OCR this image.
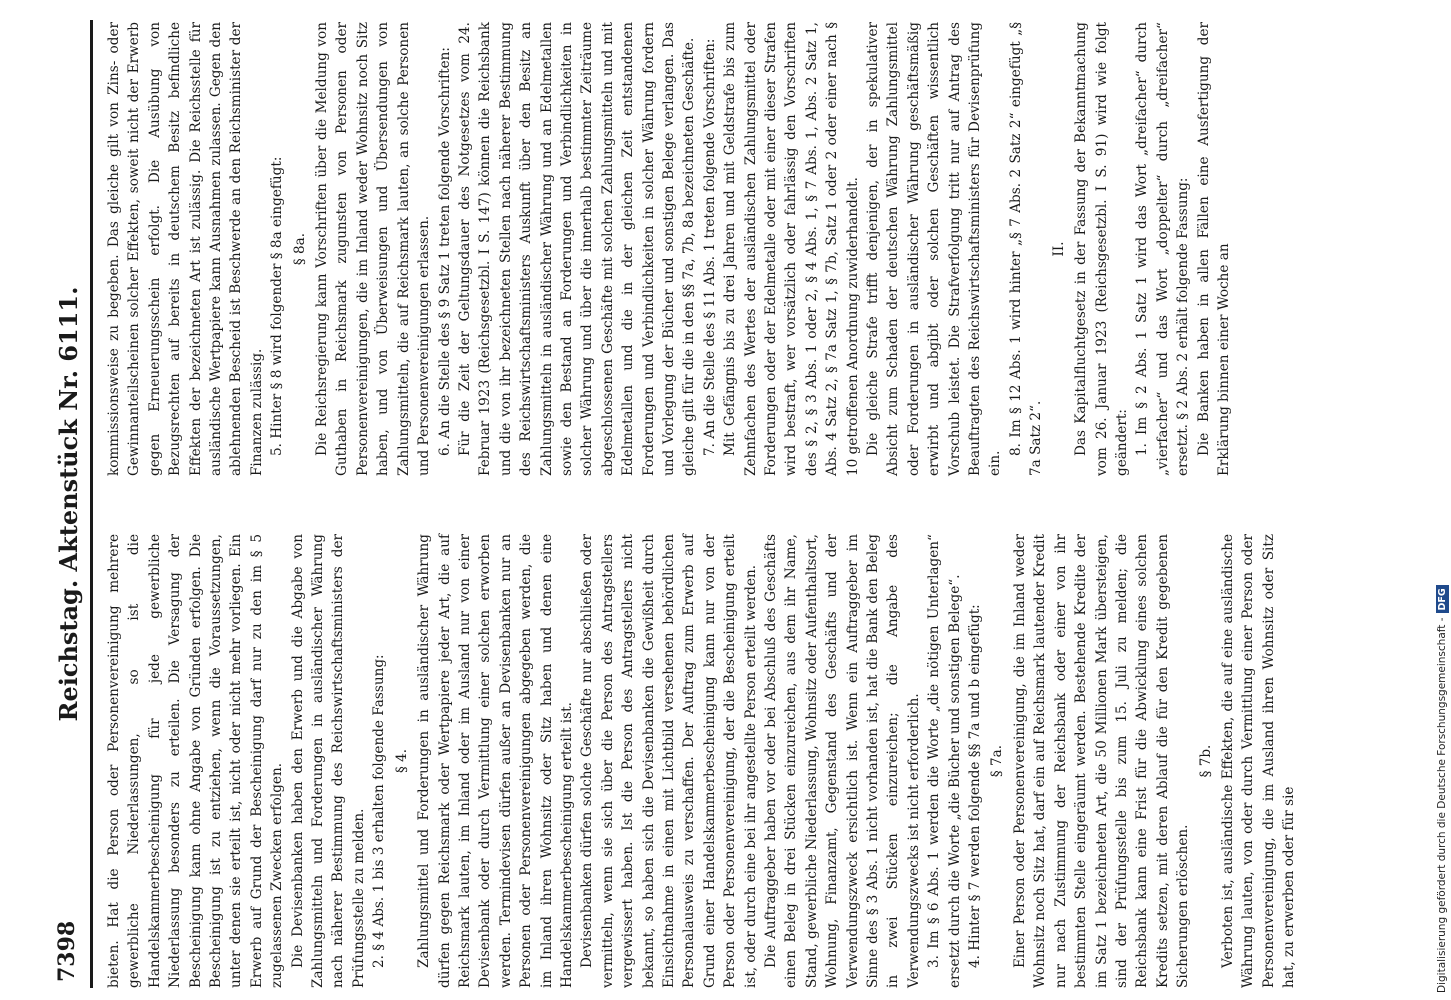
7398
Reichstag. Aktenstück Nr. 6111.

bieten. Hat die Person oder Personenvereinigung mehrere gewerbliche Niederlassungen, so ist die Handelskammerbescheinigung für jede gewerbliche Niederlassung besonders zu erteilen. Die Versagung der Bescheinigung kann ohne Angabe von Gründen erfolgen. Die Bescheinigung ist zu entziehen, wenn die Voraussetzungen, unter denen sie erteilt ist, nicht oder nicht mehr vorliegen. Ein Erwerb auf Grund der Bescheinigung darf nur zu den im § 5 zugelassenen Zwecken erfolgen. Die Devisenbanken haben den Erwerb und die Abgabe von Zahlungsmitteln und Forderungen in ausländischer Währung nach näherer Bestimmung des Reichswirtschaftsministers der Prüfungsstelle zu melden. 2. § 4 Abs. 1 bis 3 erhalten folgende Fassung: § 4. Zahlungsmittel und Forderungen in ausländischer Währung dürfen gegen Reichsmark oder Wertpapiere jeder Art, die auf Reichsmark lauten, im Inland oder im Ausland nur von einer Devisenbank oder durch Vermittlung einer solchen erworben werden. Termindevisen dürfen außer an Devisenbanken nur an Personen oder Personenvereinigungen abgegeben werden, die im Inland ihren Wohnsitz oder Sitz haben und denen eine Handelskammerbescheinigung erteilt ist. Devisenbanken dürfen solche Geschäfte nur abschließen oder vermitteln, wenn sie sich über die Person des Antragstellers vergewissert haben. Ist die Person des Antragstellers nicht bekannt, so haben sich die Devisenbanken die Gewißheit durch Einsichtnahme in einen mit Lichtbild versehenen behördlichen Personalausweis zu verschaffen. Der Auftrag zum Erwerb auf Grund einer Handelskammerbescheinigung kann nur von der Person oder Personenvereinigung, der die Bescheinigung erteilt ist, oder durch eine bei ihr angestellte Person erteilt werden. Die Auftraggeber haben vor oder bei Abschluß des Geschäfts einen Beleg in drei Stücken einzureichen, aus dem ihr Name, Stand, gewerbliche Niederlassung, Wohnsitz oder Aufenthaltsort, Wohnung, Finanzamt, Gegenstand des Geschäfts und der Verwendungszweck ersichtlich ist. Wenn ein Auftraggeber im Sinne des § 3 Abs. 1 nicht vorhanden ist, hat die Bank den Beleg in zwei Stücken einzureichen; die Angabe des Verwendungszwecks ist nicht erforderlich. 3. Im § 6 Abs. 1 werden die Worte „die nötigen Unterlagen“ ersetzt durch die Worte „die Bücher und sonstigen Belege“. 4. Hinter § 7 werden folgende §§ 7a und b eingefügt: § 7a. Einer Person oder Personenvereinigung, die im Inland weder Wohnsitz noch Sitz hat, darf ein auf Reichsmark lautender Kredit nur nach Zustimmung der Reichsbank oder einer von ihr bestimmten Stelle eingeräumt werden. Bestehende Kredite der im Satz 1 bezeichneten Art, die 50 Millionen Mark übersteigen, sind der Prüfungsstelle bis zum 15. Juli zu melden; die Reichsbank kann eine Frist für die Abwicklung eines solchen Kredits setzen, mit deren Ablauf die für den Kredit gegebenen Sicherungen erlöschen.

§ 7b. Verboten ist, ausländische Effekten, die auf eine ausländische Währung lauten, von oder durch Vermittlung einer Person oder Personenvereinigung, die im Ausland ihren Wohnsitz oder Sitz hat, zu erwerben oder für sie

kommissionsweise zu begeben. Das gleiche gilt von Zins- oder Gewinnanteilscheinen solcher Effekten, soweit nicht der Erwerb gegen Erneuerungsschein erfolgt. Die Ausübung von Bezugsrechten auf bereits in deutschem Besitz befindliche Effekten der bezeichneten Art ist zulässig. Die Reichsstelle für ausländische Wertpapiere kann Ausnahmen zulassen. Gegen den ablehnenden Bescheid ist Beschwerde an den Reichsminister der Finanzen zulässig. 5. Hinter § 8 wird folgender § 8a eingefügt: § 8a. Die Reichsregierung kann Vorschriften über die Meldung von Guthaben in Reichsmark zugunsten von Personen oder Personenvereinigungen, die im Inland weder Wohnsitz noch Sitz haben, und von Überweisungen und Übersendungen von Zahlungsmitteln, die auf Reichsmark lauten, an solche Personen und Personenvereinigungen erlassen. 6. An die Stelle des § 9 Satz 1 treten folgende Vorschriften: Für die Zeit der Geltungsdauer des Notgesetzes vom 24. Februar 1923 (Reichsgesetzbl. I S. 147) können die Reichsbank und die von ihr bezeichneten Stellen nach näherer Bestimmung des Reichswirtschaftsministers Auskunft über den Besitz an Zahlungsmitteln in ausländischer Währung und an Edelmetallen sowie den Bestand an Forderungen und Verbindlichkeiten in solcher Währung und über die innerhalb bestimmter Zeiträume abgeschlossenen Geschäfte mit solchen Zahlungsmitteln und mit Edelmetallen und die in der gleichen Zeit entstandenen Forderungen und Verbindlichkeiten in solcher Währung fordern und Vorlegung der Bücher und sonstigen Belege verlangen. Das gleiche gilt für die in den §§ 7a, 7b, 8a bezeichneten Geschäfte. 7. An die Stelle des § 11 Abs. 1 treten folgende Vorschriften: Mit Gefängnis bis zu drei Jahren und mit Geldstrafe bis zum Zehnfachen des Wertes der ausländischen Zahlungsmittel oder Forderungen oder der Edelmetalle oder mit einer dieser Strafen wird bestraft, wer vorsätzlich oder fahrlässig den Vorschriften des § 2, § 3 Abs. 1 oder 2, § 4 Abs. 1, § 7 Abs. 1, Abs. 2 Satz 1, Abs. 4 Satz 2, § 7a Satz 1, § 7b, Satz 1 oder 2 oder einer nach § 10 getroffenen Anordnung zuwiderhandelt. Die gleiche Strafe trifft denjenigen, der in spekulativer Absicht zum Schaden der deutschen Währung Zahlungsmittel oder Forderungen in ausländischer Währung geschäftsmäßig erwirbt und abgibt oder solchen Geschäften wissentlich Vorschub leistet. Die Strafverfolgung tritt nur auf Antrag des Beauftragten des Reichswirtschaftsministers für Devisenprüfung ein.

8. Im § 12 Abs. 1 wird hinter „§ 7 Abs. 2 Satz 2“ eingefügt „§ 7a Satz 2“.

II. Das Kapitalfluchtgesetz in der Fassung der Bekanntmachung vom 26. Januar 1923 (Reichsgesetzbl. I S. 91) wird wie folgt geändert: 1. Im § 2 Abs. 1 Satz 1 wird das Wort „dreifacher“ durch „vierfacher“ und das Wort „doppelter“ durch „dreifacher“ ersetzt. § 2 Abs. 2 erhält folgende Fassung: Die Banken haben in allen Fällen eine Ausfertigung der Erklärung binnen einer Woche an

Digitalisierung gefördert durch die Deutsche Forschungsgemeinschaft -DFG
